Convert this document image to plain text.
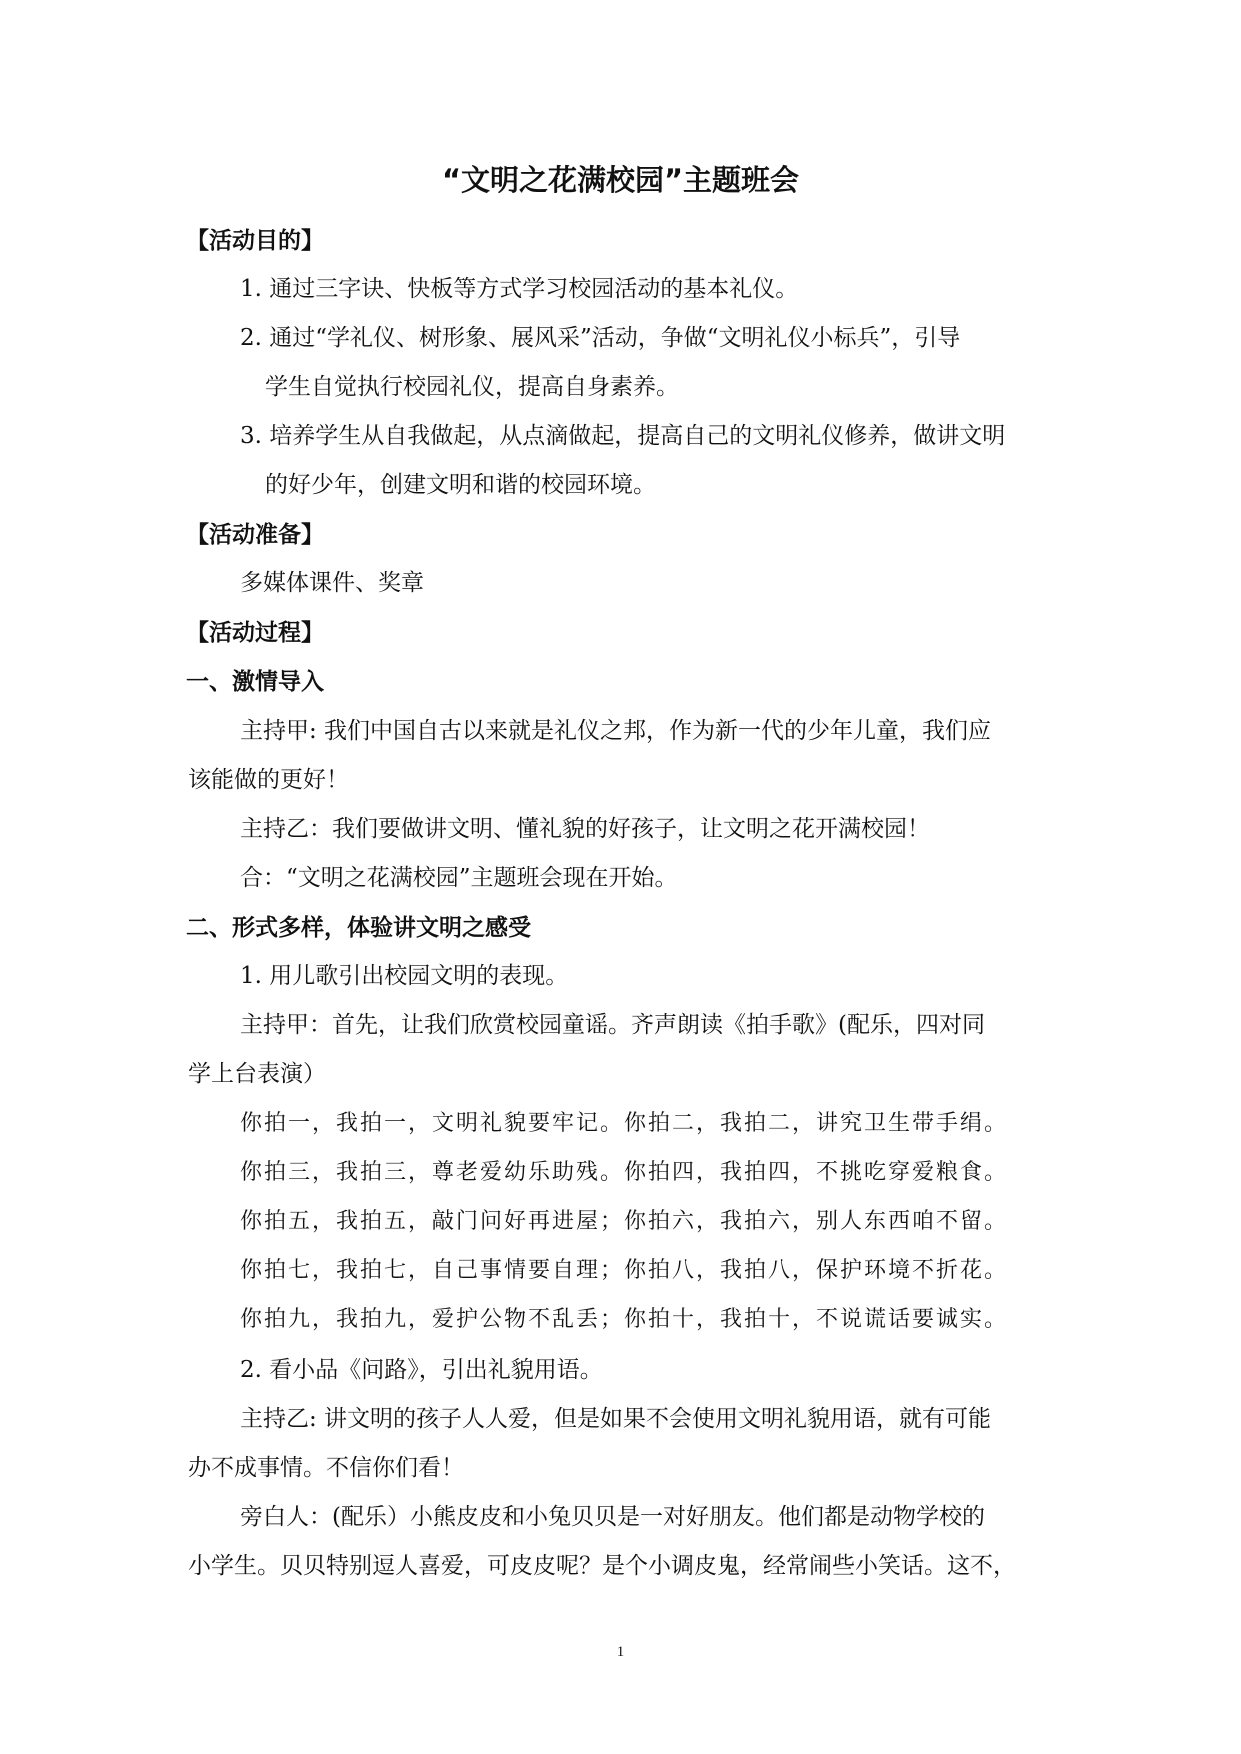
“文明之花满校园”主题班会

【活动目的】

1. 通过三字诀、快板等方式学习校园活动的基本礼仪。

2. 通过“学礼仪、树形象、展风采”活动，争做“文明礼仪小标兵”，引导

学生自觉执行校园礼仪，提高自身素养。

3. 培养学生从自我做起，从点滴做起，提高自己的文明礼仪修养，做讲文明

的好少年，创建文明和谐的校园环境。

【活动准备】

多媒体课件、奖章

【活动过程】

一、激情导入

主持甲: 我们中国自古以来就是礼仪之邦，作为新一代的少年儿童，我们应

该能做的更好！

主持乙：我们要做讲文明、懂礼貌的好孩子，让文明之花开满校园！

合：“文明之花满校园”主题班会现在开始。

二、形式多样，体验讲文明之感受

1. 用儿歌引出校园文明的表现。

主持甲：首先，让我们欣赏校园童谣。齐声朗读《拍手歌》(配乐，四对同

学上台表演）

你拍一，我拍一，文明礼貌要牢记。你拍二，我拍二，讲究卫生带手绢。

你拍三，我拍三，尊老爱幼乐助残。你拍四，我拍四，不挑吃穿爱粮食。

你拍五，我拍五，敲门问好再进屋；你拍六，我拍六，别人东西咱不留。

你拍七，我拍七，自己事情要自理；你拍八，我拍八，保护环境不折花。

你拍九，我拍九，爱护公物不乱丢；你拍十，我拍十，不说谎话要诚实。

2. 看小品《问路》，引出礼貌用语。

主持乙: 讲文明的孩子人人爱，但是如果不会使用文明礼貌用语，就有可能

办不成事情。不信你们看！

旁白人：(配乐）小熊皮皮和小兔贝贝是一对好朋友。他们都是动物学校的

小学生。贝贝特别逗人喜爱，可皮皮呢？是个小调皮鬼，经常闹些小笑话。这不，

1
